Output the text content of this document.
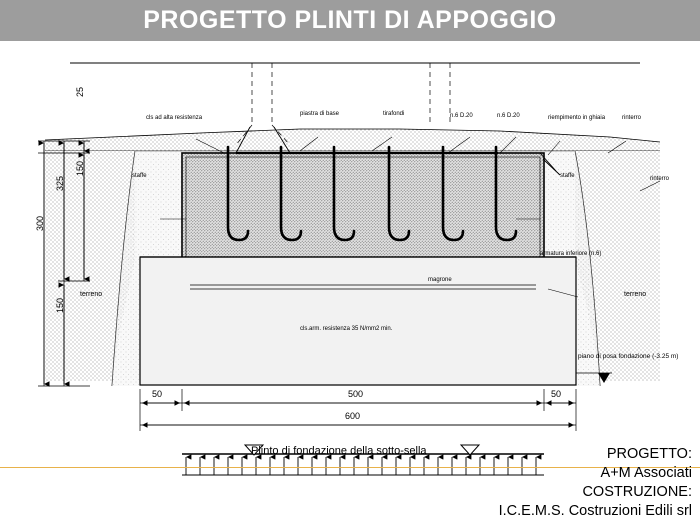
PROGETTO PLINTI DI APPOGGIO
25
150
325
300
150
50	500	50
600
cls ad alta resistenza
piastra di base	tirafondi	n.6 D.20	n.6 D.20	riempimento in ghiaia	rinterro
rinterro
terreno
terreno
staffe	staffe
magrone
cls.arm. resistenza 35 N/mm2 min.
armatura inferiore (n.6)
piano di posa fondazione (-3.25 m)
Plinto di fondazione della sotto-sella	PROGETTO:
A+M Associati
COSTRUZIONE:
I.C.E.M.S. Costruzioni Edili srl
